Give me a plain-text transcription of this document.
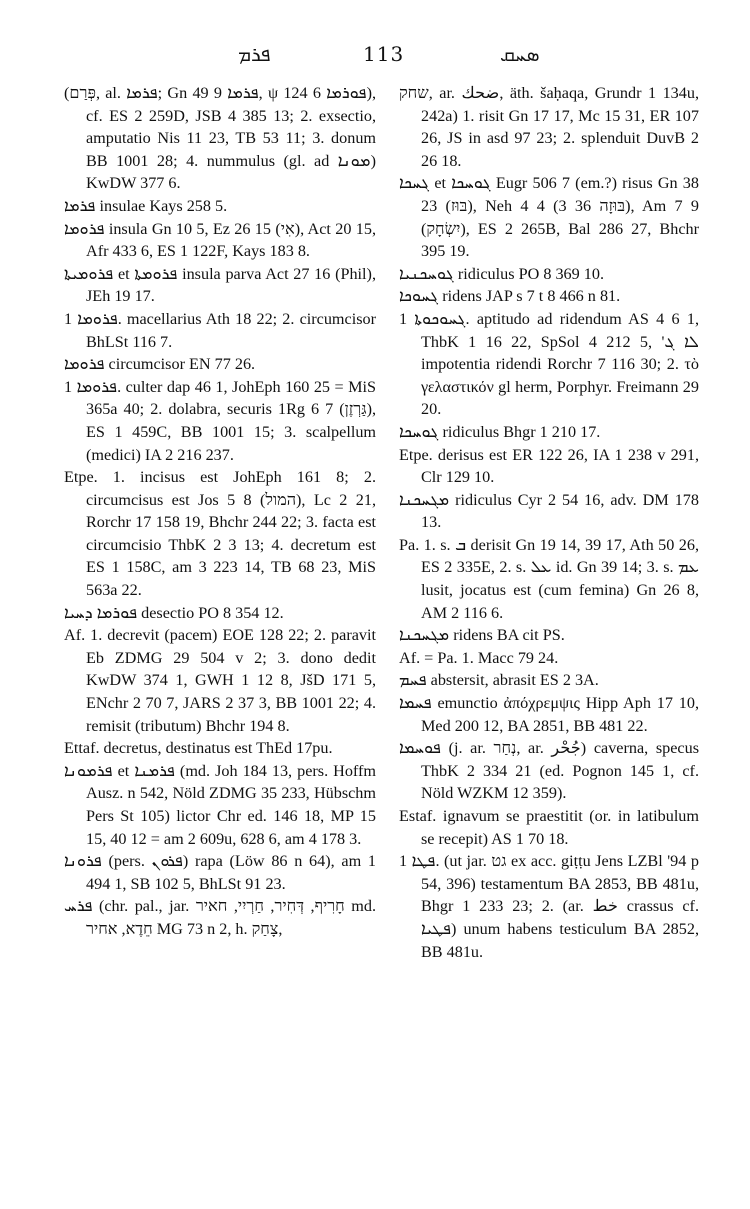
ܦܪܡ	113	ܣܚܩ

(פְּרַם, al. ܦܪܡܐ; Gn 49 9 ܦܪܡܐ, ψ 124 6 ܦܘܪܡܐ), cf. ES 2 259D, JSB 4 385 13; 2. exsectio, amputatio Nis 11 23, TB 53 11; 3. donum BB 1001 28; 4. nummulus (gl. ad ܡܘܢܐ) KwDW 377 6.

ܦܪܡܐ insulae Kays 258 5.

ܦܪܘܡܐ insula Gn 10 5, Ez 26 15 (אִי), Act 20 15, Afr 433 6, ES 1 122F, Kays 183 8.

ܦܪܘܡܝܬܐ et ܦܪܘܡܬܐ insula parva Act 27 16 (Phil), JEh 19 17.

ܦܪܘܡܐ 1. macellarius Ath 18 22; 2. circumcisor BhLSt 116 7.

ܦܪܘܡܐ circumcisor EN 77 26.

ܦܪܘܡܐ 1. culter dap 46 1, JohEph 160 25 = MiS 365a 40; 2. dolabra, securis 1Rg 6 7 (גַּרְזֶן), ES 1 459C, BB 1001 15; 3. scalpellum (medici) IA 2 216 237.

Etpe. 1. incisus est JohEph 161 8; 2. circumcisus est Jos 5 8 (המול), Lc 2 21, Rorchr 17 158 19, Bhchr 244 22; 3. facta est circumcisio ThbK 2 3 13; 4. decretum est ES 1 158C, am 3 223 14, TB 68 23, MiS 563a 22.

ܦܘܪܡܐ ܕܚܝܐ desectio PO 8 354 12.

Af. 1. decrevit (pacem) EOE 128 22; 2. paravit Eb ZDMG 29 504 v 2; 3. dono dedit KwDW 374 1, GWH 1 12 8, JšD 171 5, ENchr 2 70 7, JARS 2 37 3, BB 1001 22; 4. remisit (tributum) Bhchr 194 8.

Ettaf. decretus, destinatus est ThEd 17pu.

ܦܪܡܘܢܐ et ܦܪܡܢܐ (md. Joh 184 13, pers. Hoffm Ausz. n 542, Nöld ZDMG 35 233, Hübschm Pers St 105) lictor Chr ed. 146 18, MP 15 15, 40 12 = am 2 609u, 628 6, am 4 178 3.

ܦܪܘܢܐ (pers. ܦܪܘܢ) rapa (Löw 86 n 64), am 1 494 1, SB 102 5, BhLSt 91 23.

ܦܪܚ (chr. pal., jar. חָרִיף, דְּחִיר, חַרְיִי, חאיר md. חֵדֶא, אחיר MG 73 n 2, h. צָחַק,

שחק, ar. ضحك, äth. šaḥaqa, Grundr 1 134u, 242a) 1. risit Gn 17 17, Mc 15 31, ER 107 26, JS in asd 97 23; 2. splenduit DuvB 2 26 18.

ܓܚܟܐ et ܓܘܚܟܐ Eugr 506 7 (em.?) risus Gn 38 23 (בּוּז), Neh 4 4 (3 36 בּוּזָה), Am 7 9 (יִשְׂחָק), ES 2 265B, Bal 286 27, Bhchr 395 19.

ܓܘܚܟܢܝܐ ridiculus PO 8 369 10.

ܓܚܘܟܐ ridens JAP s 7 t 8 466 n 81.

ܓܚܘܟܘܬܐ 1. aptitudo ad ridendum AS 4 6 1, ThbK 1 16 22, SpSol 4 212 5, 'ܠܐ ܓ impotentia ridendi Rorchr 7 116 30; 2. τὸ γελαστικόν gl herm, Porphyr. Freimann 29 20.

ܓܘܚܟܐ ridiculus Bhgr 1 210 17.

Etpe. derisus est ER 122 26, IA 1 238 v 291, Clr 129 10.

ܡܓܚܟܢܐ ridiculus Cyr 2 54 16, adv. DM 178 13.

Pa. 1. s. ܒ derisit Gn 19 14, 39 17, Ath 50 26, ES 2 335E, 2. s. ܥܠ id. Gn 39 14; 3. s. ܥܡ lusit, jocatus est (cum femina) Gn 26 8, AM 2 116 6.

ܡܓܚܟܢܐ ridens BA cit PS.

Af. = Pa. 1. Macc 79 24.

ܦܚܡ abstersit, abrasit ES 2 3A.

ܦܚܡܐ emunctio ἀπόχρεμψις Hipp Aph 17 10, Med 200 12, BA 2851, BB 481 22.

ܦܘܚܡܐ (j. ar. נְחַר, ar. جُحْر) caverna, specus ThbK 2 334 21 (ed. Pognon 145 1, cf. Nöld WZKM 12 359).

Estaf. ignavum se praestitit (or. in latibulum se recepit) AS 1 70 18.

ܦܛܐ 1. (ut jar. גט ex acc. giṭṭu Jens LZBl '94 p 54, 396) testamentum BA 2853, BB 481u, Bhgr 1 233 23; 2. (ar. خط crassus cf. ܦܛܝܐ) unum habens testiculum BA 2852, BB 481u.
